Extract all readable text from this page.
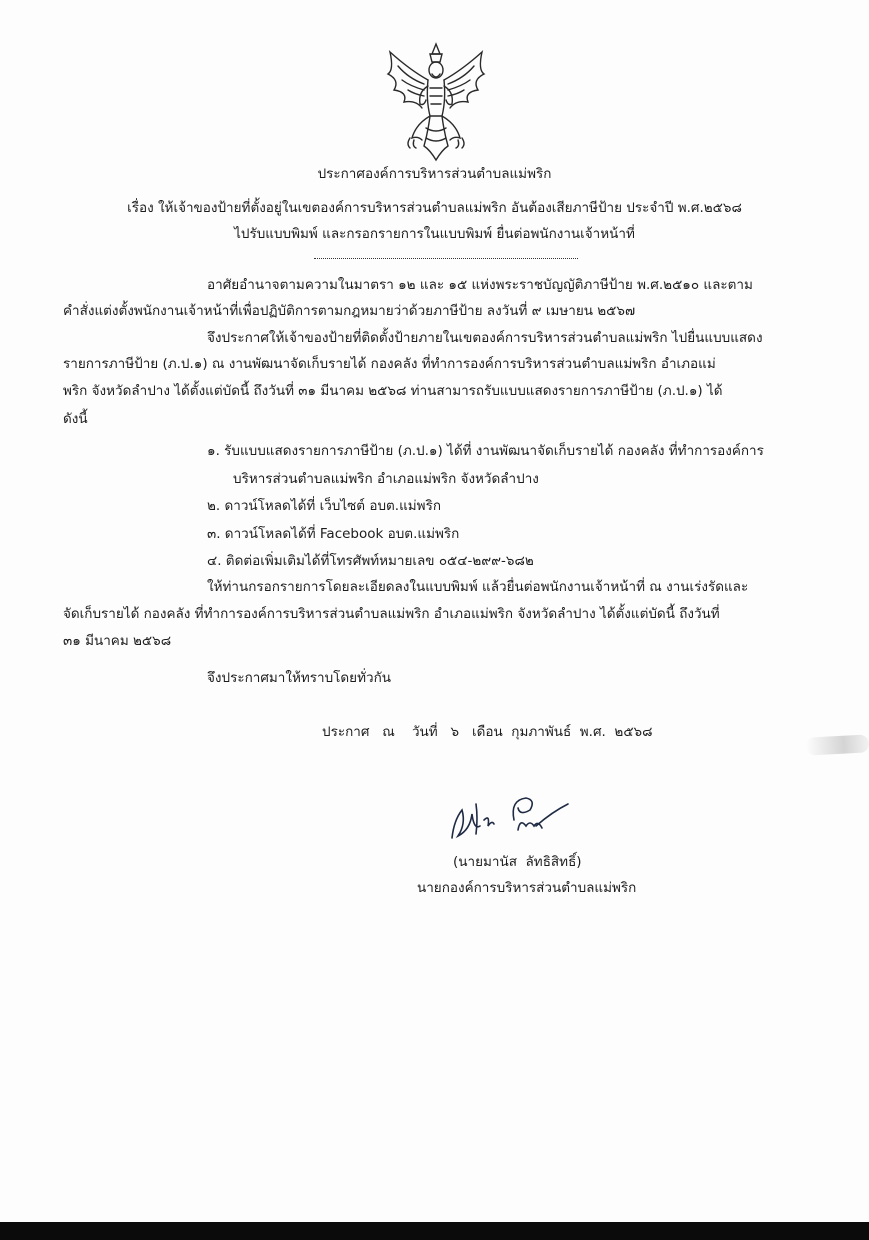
ประกาศองค์การบริหารส่วนตำบลแม่พริก
เรื่อง ให้เจ้าของป้ายที่ตั้งอยู่ในเขตองค์การบริหารส่วนตำบลแม่พริก อันต้องเสียภาษีป้าย ประจำปี พ.ศ.๒๕๖๘
ไปรับแบบพิมพ์ และกรอกรายการในแบบพิมพ์ ยื่นต่อพนักงานเจ้าหน้าที่
อาศัยอำนาจตามความในมาตรา ๑๒ และ ๑๕ แห่งพระราชบัญญัติภาษีป้าย พ.ศ.๒๕๑๐ และตาม
คำสั่งแต่งตั้งพนักงานเจ้าหน้าที่เพื่อปฏิบัติการตามกฎหมายว่าด้วยภาษีป้าย ลงวันที่ ๙ เมษายน ๒๕๖๗
จึงประกาศให้เจ้าของป้ายที่ติดตั้งป้ายภายในเขตองค์การบริหารส่วนตำบลแม่พริก ไปยื่นแบบแสดง
รายการภาษีป้าย (ภ.ป.๑) ณ งานพัฒนาจัดเก็บรายได้ กองคลัง ที่ทำการองค์การบริหารส่วนตำบลแม่พริก อำเภอแม่
พริก จังหวัดลำปาง ได้ตั้งแต่บัดนี้ ถึงวันที่ ๓๑ มีนาคม ๒๕๖๘ ท่านสามารถรับแบบแสดงรายการภาษีป้าย (ภ.ป.๑) ได้
ดังนี้
๑. รับแบบแสดงรายการภาษีป้าย (ภ.ป.๑) ได้ที่ งานพัฒนาจัดเก็บรายได้ กองคลัง ที่ทำการองค์การ
บริหารส่วนตำบลแม่พริก อำเภอแม่พริก จังหวัดลำปาง
๒. ดาวน์โหลดได้ที่ เว็บไซต์ อบต.แม่พริก
๓. ดาวน์โหลดได้ที่ Facebook อบต.แม่พริก
๔. ติดต่อเพิ่มเติมได้ที่โทรศัพท์หมายเลข ๐๕๔-๒๙๙-๖๘๒
ให้ท่านกรอกรายการโดยละเอียดลงในแบบพิมพ์ แล้วยื่นต่อพนักงานเจ้าหน้าที่ ณ งานเร่งรัดและ
จัดเก็บรายได้ กองคลัง ที่ทำการองค์การบริหารส่วนตำบลแม่พริก อำเภอแม่พริก จังหวัดลำปาง ได้ตั้งแต่บัดนี้ ถึงวันที่
๓๑ มีนาคม ๒๕๖๘
จึงประกาศมาให้ทราบโดยทั่วกัน
ประกาศ   ณ    วันที่   ๖   เดือน  กุมภาพันธ์  พ.ศ.  ๒๕๖๘
(นายมานัส  ลัทธิสิทธิ์)
นายกองค์การบริหารส่วนตำบลแม่พริก
